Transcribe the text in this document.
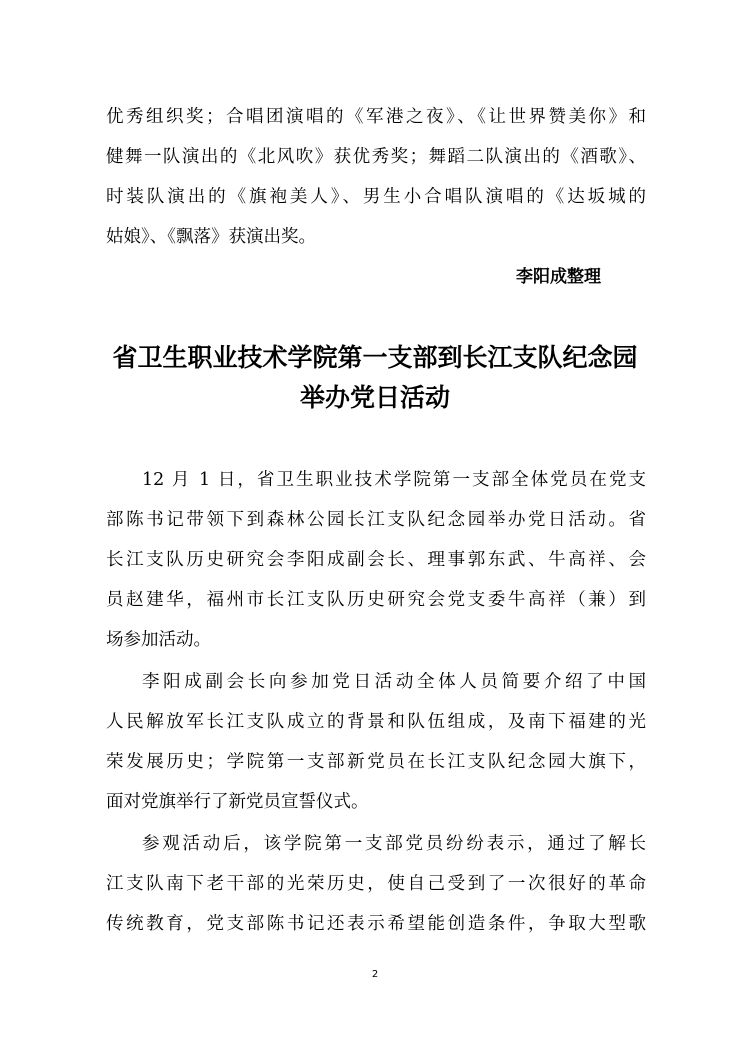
优秀组织奖；合唱团演唱的《军港之夜》、《让世界赞美你》和
健舞一队演出的《北风吹》获优秀奖；舞蹈二队演出的《酒歌》、
时装队演出的《旗袍美人》、男生小合唱队演唱的《达坂城的
姑娘》、《飘落》获演出奖。
李阳成整理
省卫生职业技术学院第一支部到长江支队纪念园
举办党日活动
12 月 1 日，省卫生职业技术学院第一支部全体党员在党支
部陈书记带领下到森林公园长江支队纪念园举办党日活动。省
长江支队历史研究会李阳成副会长、理事郭东武、牛高祥、会
员赵建华，福州市长江支队历史研究会党支委牛高祥（兼）到
场参加活动。
李阳成副会长向参加党日活动全体人员简要介绍了中国
人民解放军长江支队成立的背景和队伍组成，及南下福建的光
荣发展历史；学院第一支部新党员在长江支队纪念园大旗下，
面对党旗举行了新党员宣誓仪式。
参观活动后，该学院第一支部党员纷纷表示，通过了解长
江支队南下老干部的光荣历史，使自己受到了一次很好的革命
传统教育，党支部陈书记还表示希望能创造条件，争取大型歌
2
